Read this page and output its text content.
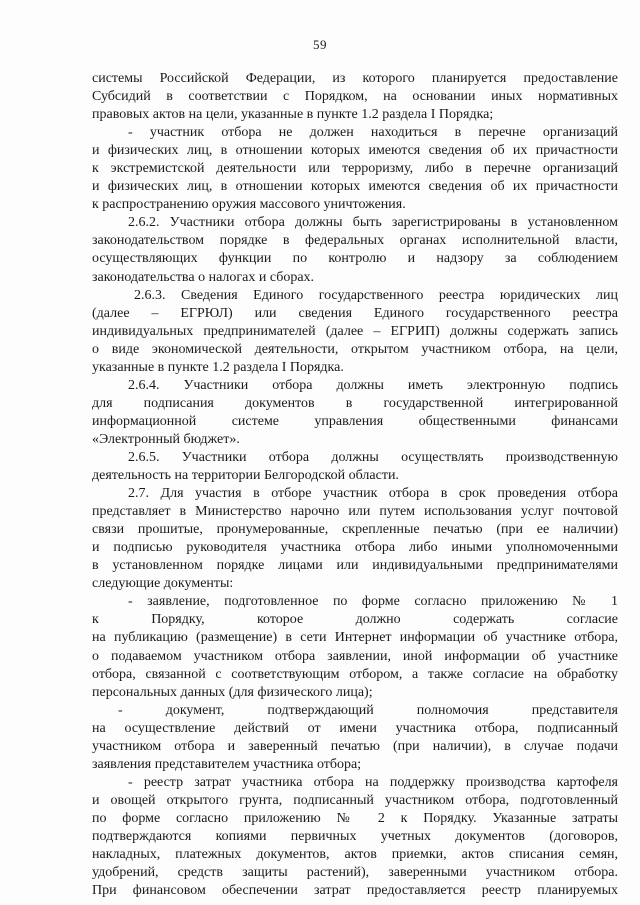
59
системы Российской Федерации, из которого планируется предоставление
Субсидий в соответствии с Порядком, на основании иных нормативных
правовых актов на цели, указанные в пункте 1.2 раздела I Порядка;
- участник отбора не должен находиться в перечне организаций
и физических лиц, в отношении которых имеются сведения об их причастности
к экстремистской деятельности или терроризму, либо в перечне организаций
и физических лиц, в отношении которых имеются сведения об их причастности
к распространению оружия массового уничтожения.
2.6.2. Участники отбора должны быть зарегистрированы в установленном
законодательством порядке в федеральных органах исполнительной власти,
осуществляющих функции по контролю и надзору за соблюдением
законодательства о налогах и сборах.
2.6.3. Сведения Единого государственного реестра юридических лиц
(далее – ЕГРЮЛ) или сведения Единого государственного реестра
индивидуальных предпринимателей (далее – ЕГРИП) должны содержать запись
о виде экономической деятельности, открытом участником отбора, на цели,
указанные в пункте 1.2 раздела I Порядка.
2.6.4. Участники отбора должны иметь электронную подпись
для подписания документов в государственной интегрированной
информационной системе управления общественными финансами
«Электронный бюджет».
2.6.5. Участники отбора должны осуществлять производственную
деятельность на территории Белгородской области.
2.7. Для участия в отборе участник отбора в срок проведения отбора
представляет в Министерство нарочно или путем использования услуг почтовой
связи прошитые, пронумерованные, скрепленные печатью (при ее наличии)
и подписью руководителя участника отбора либо иными уполномоченными
в установленном порядке лицами или индивидуальными предпринимателями
следующие документы:
- заявление, подготовленное по форме согласно приложению № 1
к Порядку, которое должно содержать согласие
на публикацию (размещение) в сети Интернет информации об участнике отбора,
о подаваемом участником отбора заявлении, иной информации об участнике
отбора, связанной с соответствующим отбором, а также согласие на обработку
персональных данных (для физического лица);
- документ, подтверждающий полномочия представителя
на осуществление действий от имени участника отбора, подписанный
участником отбора и заверенный печатью (при наличии), в случае подачи
заявления представителем участника отбора;
- реестр затрат участника отбора на поддержку производства картофеля
и овощей открытого грунта, подписанный участником отбора, подготовленный
по форме согласно приложению № 2 к Порядку. Указанные затраты
подтверждаются копиями первичных учетных документов (договоров,
накладных, платежных документов, актов приемки, актов списания семян,
удобрений, средств защиты растений), заверенными участником отбора.
При финансовом обеспечении затрат предоставляется реестр планируемых
